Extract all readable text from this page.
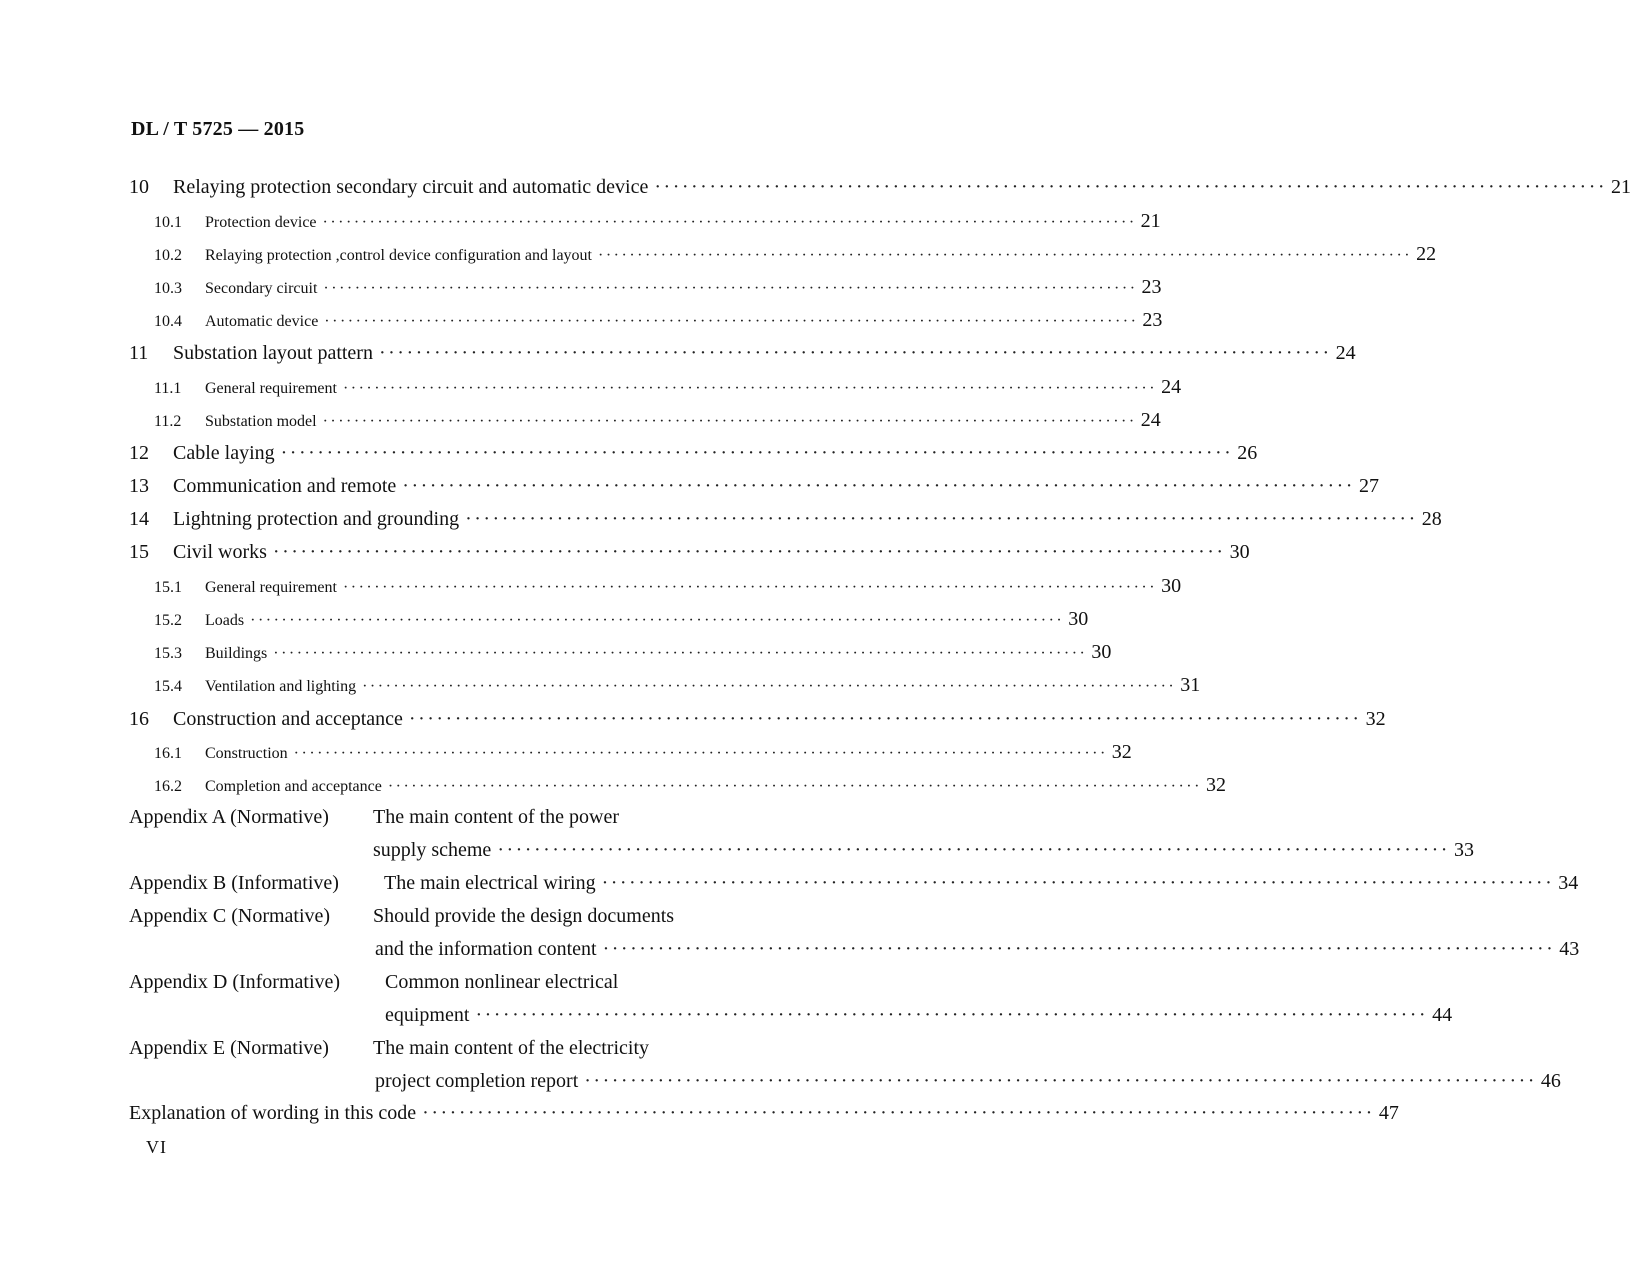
DL / T 5725 — 2015
10	Relaying protection secondary circuit and automatic device ········································································································ 21
10.1	Protection device ········································································································ 21
10.2	Relaying protection ,control device configuration and layout ········································································································ 22
10.3	Secondary circuit ········································································································ 23
10.4	Automatic device ········································································································ 23
11	Substation layout pattern ········································································································ 24
11.1	General requirement ········································································································ 24
11.2	Substation model ········································································································ 24
12	Cable laying ········································································································ 26
13	Communication and remote ········································································································ 27
14	Lightning protection and grounding ········································································································ 28
15	Civil works ········································································································ 30
15.1	General requirement ········································································································ 30
15.2	Loads ········································································································ 30
15.3	Buildings ········································································································ 30
15.4	Ventilation and lighting ········································································································ 31
16	Construction and acceptance ········································································································ 32
16.1	Construction ········································································································ 32
16.2	Completion and acceptance ········································································································ 32
Appendix A (Normative) The main content of the power
supply scheme ········································································································ 33
Appendix B (Informative) The main electrical wiring ········································································································ 34
Appendix C (Normative) Should provide the design documents
and the information content ········································································································ 43
Appendix D (Informative) Common nonlinear electrical
equipment ········································································································ 44
Appendix E (Normative) The main content of the electricity
project completion report ········································································································ 46
Explanation of wording in this code ········································································································ 47
VI
